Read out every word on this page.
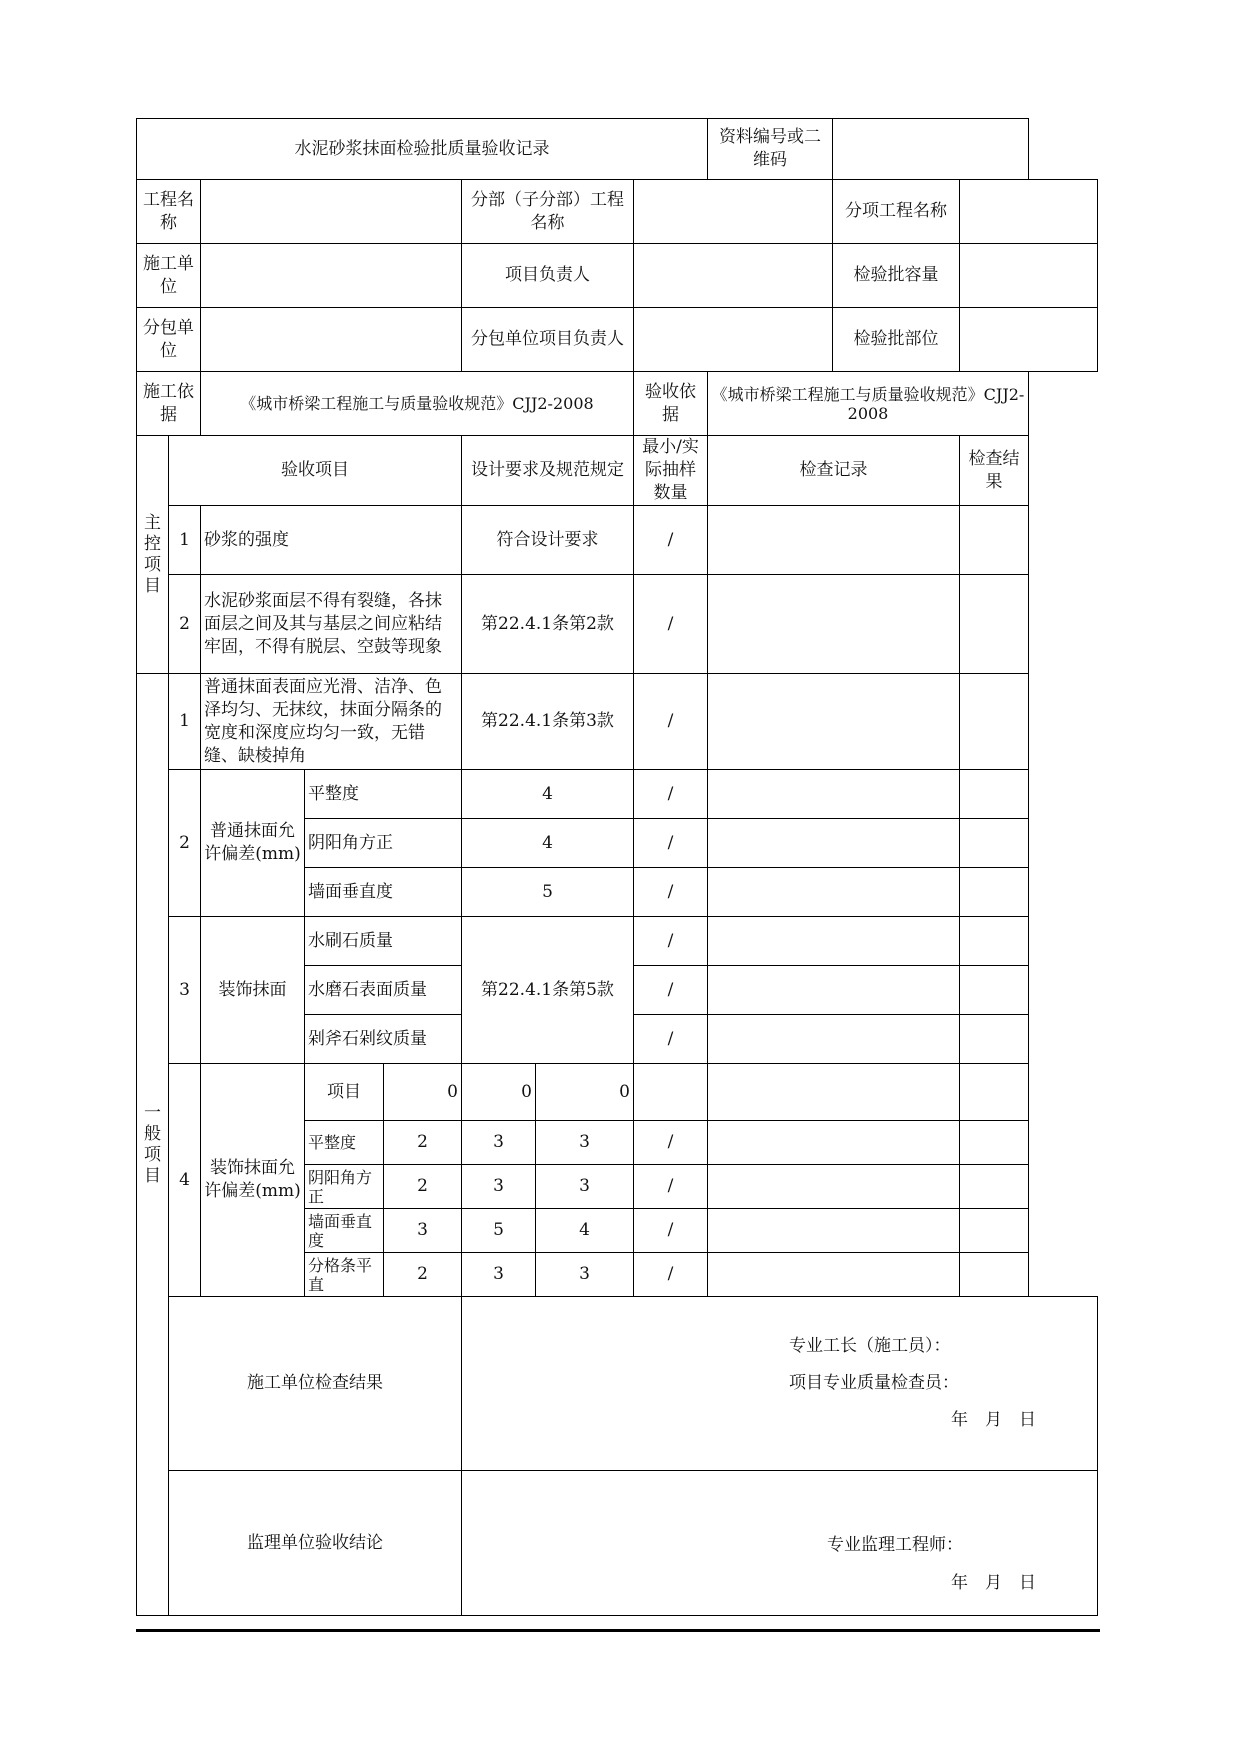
水泥砂浆抹面检验批质量验收记录								资料编号或二维码		
工程名称					分部（子分部）工程名称				分项工程名称	
施工单位					项目负责人				检验批容量	
分包单位					分包单位项目负责人				检验批部位	
施工依据		《城市桥梁工程施工与质量验收规范》CJJ2-2008					验收依据	《城市桥梁工程施工与质量验收规范》CJJ2-2008		
主控项目	验收项目				设计要求及规范规定		最小/实际抽样数量	检查记录		检查结果
	1	砂浆的强度			符合设计要求		/			
	2	水泥砂浆面层不得有裂缝，各抹面层之间及其与基层之间应粘结牢固，不得有脱层、空鼓等现象			第22.4.1条第2款		/			
一般项目	1	普通抹面表面应光滑、洁净、色泽均匀、无抹纹，抹面分隔条的宽度和深度应均匀一致，无错缝、缺棱掉角			第22.4.1条第3款		/			
	2	普通抹面允许偏差(mm)	平整度		4		/			
			阴阳角方正		4		/			
			墙面垂直度		5		/			
	3	装饰抹面	水刷石质量		第22.4.1条第5款		/			
			水磨石表面质量				/			
			剁斧石剁纹质量				/			
	4	装饰抹面允许偏差(mm)	项目	0	0	0				
			平整度	2	3	3	/			
			阴阳角方正	2	3	3	/			
			墙面垂直度	3	5	4	/			
			分格条平直	2	3	3	/			
	施工单位检查结果				专业工长（施工员）：
项目专业质量检查员：
年　月　日					

	监理单位验收结论				专业监理工程师：
年　月　日					
